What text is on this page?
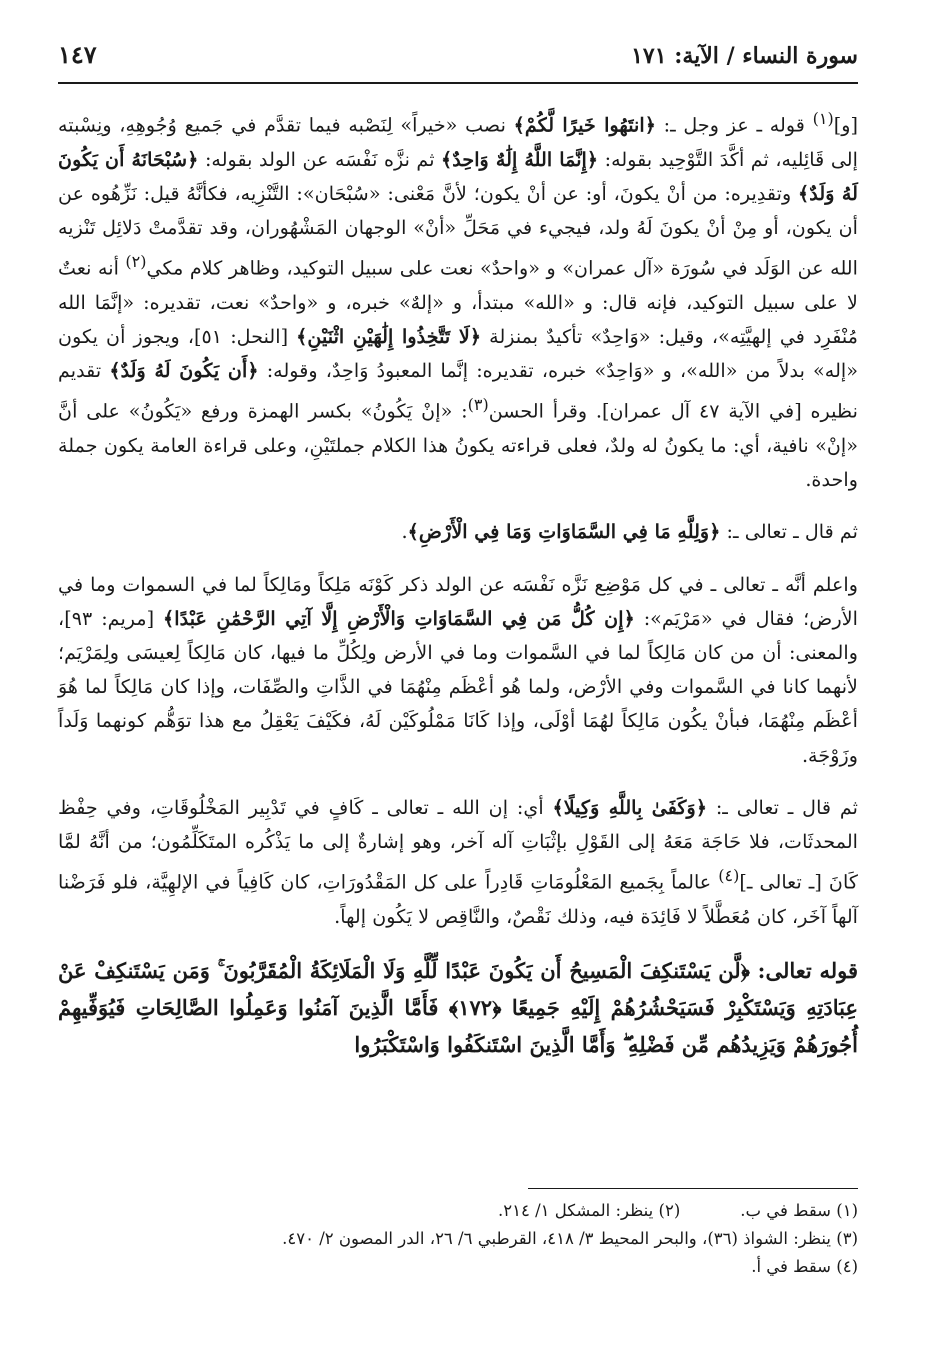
سورة النساء / الآية: ١٧١
١٤٧

[و]$^{(١)}$ قوله ـ عز وجل ـ: ﴿انتَهُوا خَيرًا لَّكُمْ﴾ نصب «خيراً» لِنَصْبه فيما تقدَّم في جَميع وُجُوهِهِ، ونِسْبته إلى قَائِليه، ثم أكَّدَ التَّوْحِيد بقوله: ﴿إِنَّمَا اللَّهُ إِلَٰهٌ وَاحِدٌ﴾ ثم نزَّه نَفْسَه عن الولد بقوله: ﴿سُبْحَانَهُ أَن يَكُونَ لَهُ وَلَدٌ﴾ وتقدِيره: من أنْ يكونَ، أو: عن أنْ يكون؛ لأنَّ مَعْنى: «سُبْحَان»: التَّنْزِيه، فكأنَّهُ قيل: نَزِّهُوه عن أن يكون، أو مِنْ أنْ يكونَ لَهُ ولد، فيجيء في مَحَلِّ «أنْ» الوجهان المَشْهُوران، وقد تقدَّمتْ دَلائِل تَنْزيه الله عن الوَلَد في سُورَة «آل عمران» و «واحدٌ» نعت على سبيل التوكيد، وظاهر كلام مكي$^{(٢)}$ أنه نعتٌ لا على سبيل التوكيد، فإنه قال: و «الله» مبتدأ، و «إلهٌ» خبره، و «واحدٌ» نعت، تقديره: «إنَّمَا الله مُنْفَرِد في إلهيَّتِه»، وقيل: «وَاحِدٌ» تأكيدٌ بمنزلة ﴿لَا تَتَّخِذُوا إِلَٰهَيْنِ اثْنَيْنِ﴾ [النحل: ٥١]، ويجوز أن يكون «إله» بدلاً من «الله»، و «وَاحِدٌ» خبره، تقديره: إنَّما المعبودُ وَاحِدٌ، وقوله: ﴿أَن يَكُونَ لَهُ وَلَدٌ﴾ تقديم نظيره [في الآية ٤٧ آل عمران]. وقرأ الحسن$^{(٣)}$: «إنْ يَكُونُ» بكسر الهمزة ورفع «يَكُونُ» على أنَّ «إنْ» نافية، أي: ما يكونُ له ولدٌ، فعلى قراءته يكونُ هذا الكلام جملتَيْنِ، وعلى قراءة العامة يكون جملة واحدة.

ثم قال ـ تعالى ـ: ﴿وَلِلَّهِ مَا فِي السَّمَاوَاتِ وَمَا فِي الْأَرْضِ﴾.

واعلم أنَّه ـ تعالى ـ في كل مَوْضِع نَزَّه نَفْسَه عن الولد ذكر كَوْنَه مَلِكاً ومَالِكاً لما في السموات وما في الأرض؛ فقال في «مَرْيَم»: ﴿إِن كُلُّ مَن فِي السَّمَاوَاتِ وَالْأَرْضِ إِلَّا آتِي الرَّحْمَٰنِ عَبْدًا﴾ [مريم: ٩٣]، والمعنى: أن من كان مَالِكاً لما في السَّموات وما في الأرض ولِكُلِّ ما فيها، كان مَالِكاً لِعيسَى ولِمَرْيَم؛ لأنهما كانا في السَّموات وفي الأرْض، ولما هُو أعْظَم مِنْهُمَا في الذَّاتِ والصِّفَات، وإذا كان مَالِكاً لما هُوَ أعْظَم مِنْهُمَا، فبأنْ يكُون مَالِكاً لهُمَا أوْلَى، وإذا كَانَا مَمْلُوكَيْن لَهُ، فكَيْفَ يَعْقِلُ مع هذا توَهُّم كونهما وَلَداً وزَوْجَة.

ثم قال ـ تعالى ـ: ﴿وَكَفَىٰ بِاللَّهِ وَكِيلًا﴾ أي: إن الله ـ تعالى ـ كَافٍ في تَدْبِير المَخْلُوقَاتِ، وفي حِفْظ المحدثَات، فلا حَاجَة مَعَهُ إلى القَوْلِ بإثْبَاتِ آله آخر، وهو إشارةٌ إلى ما يَذْكُره المتَكَلِّمُون؛ من أنَّهُ لمَّا كَانَ [ـ تعالى ـ]$^{(٤)}$ عالماً بِجَميع المَعْلُومَاتِ قَادِراً على كل المَقْدُورَاتِ، كان كَافِياً في الإلهِيَّة، فلو فَرَضْنا آلهاً آخَر، كان مُعَطَّلاً لا فَائِدَة فيه، وذلك نَقْصٌ، والنَّاقِص لا يَكُون إلهاً.

قوله تعالى: ﴿لَّن يَسْتَنكِفَ الْمَسِيحُ أَن يَكُونَ عَبْدًا لِّلَّهِ وَلَا الْمَلَائِكَةُ الْمُقَرَّبُونَ ۚ وَمَن يَسْتَنكِفْ عَنْ عِبَادَتِهِ وَيَسْتَكْبِرْ فَسَيَحْشُرُهُمْ إِلَيْهِ جَمِيعًا ﴿١٧٢﴾ فَأَمَّا الَّذِينَ آمَنُوا وَعَمِلُوا الصَّالِحَاتِ فَيُوَفِّيهِمْ أُجُورَهُمْ وَيَزِيدُهُم مِّن فَضْلِهِ ۖ وَأَمَّا الَّذِينَ اسْتَنكَفُوا وَاسْتَكْبَرُوا

(١) سقط في ب.
(٢) ينظر: المشكل ١/ ٢١٤.
(٣) ينظر: الشواذ (٣٦)، والبحر المحيط ٣/ ٤١٨، القرطبي ٦/ ٢٦، الدر المصون ٢/ ٤٧٠.
(٤) سقط في أ.
